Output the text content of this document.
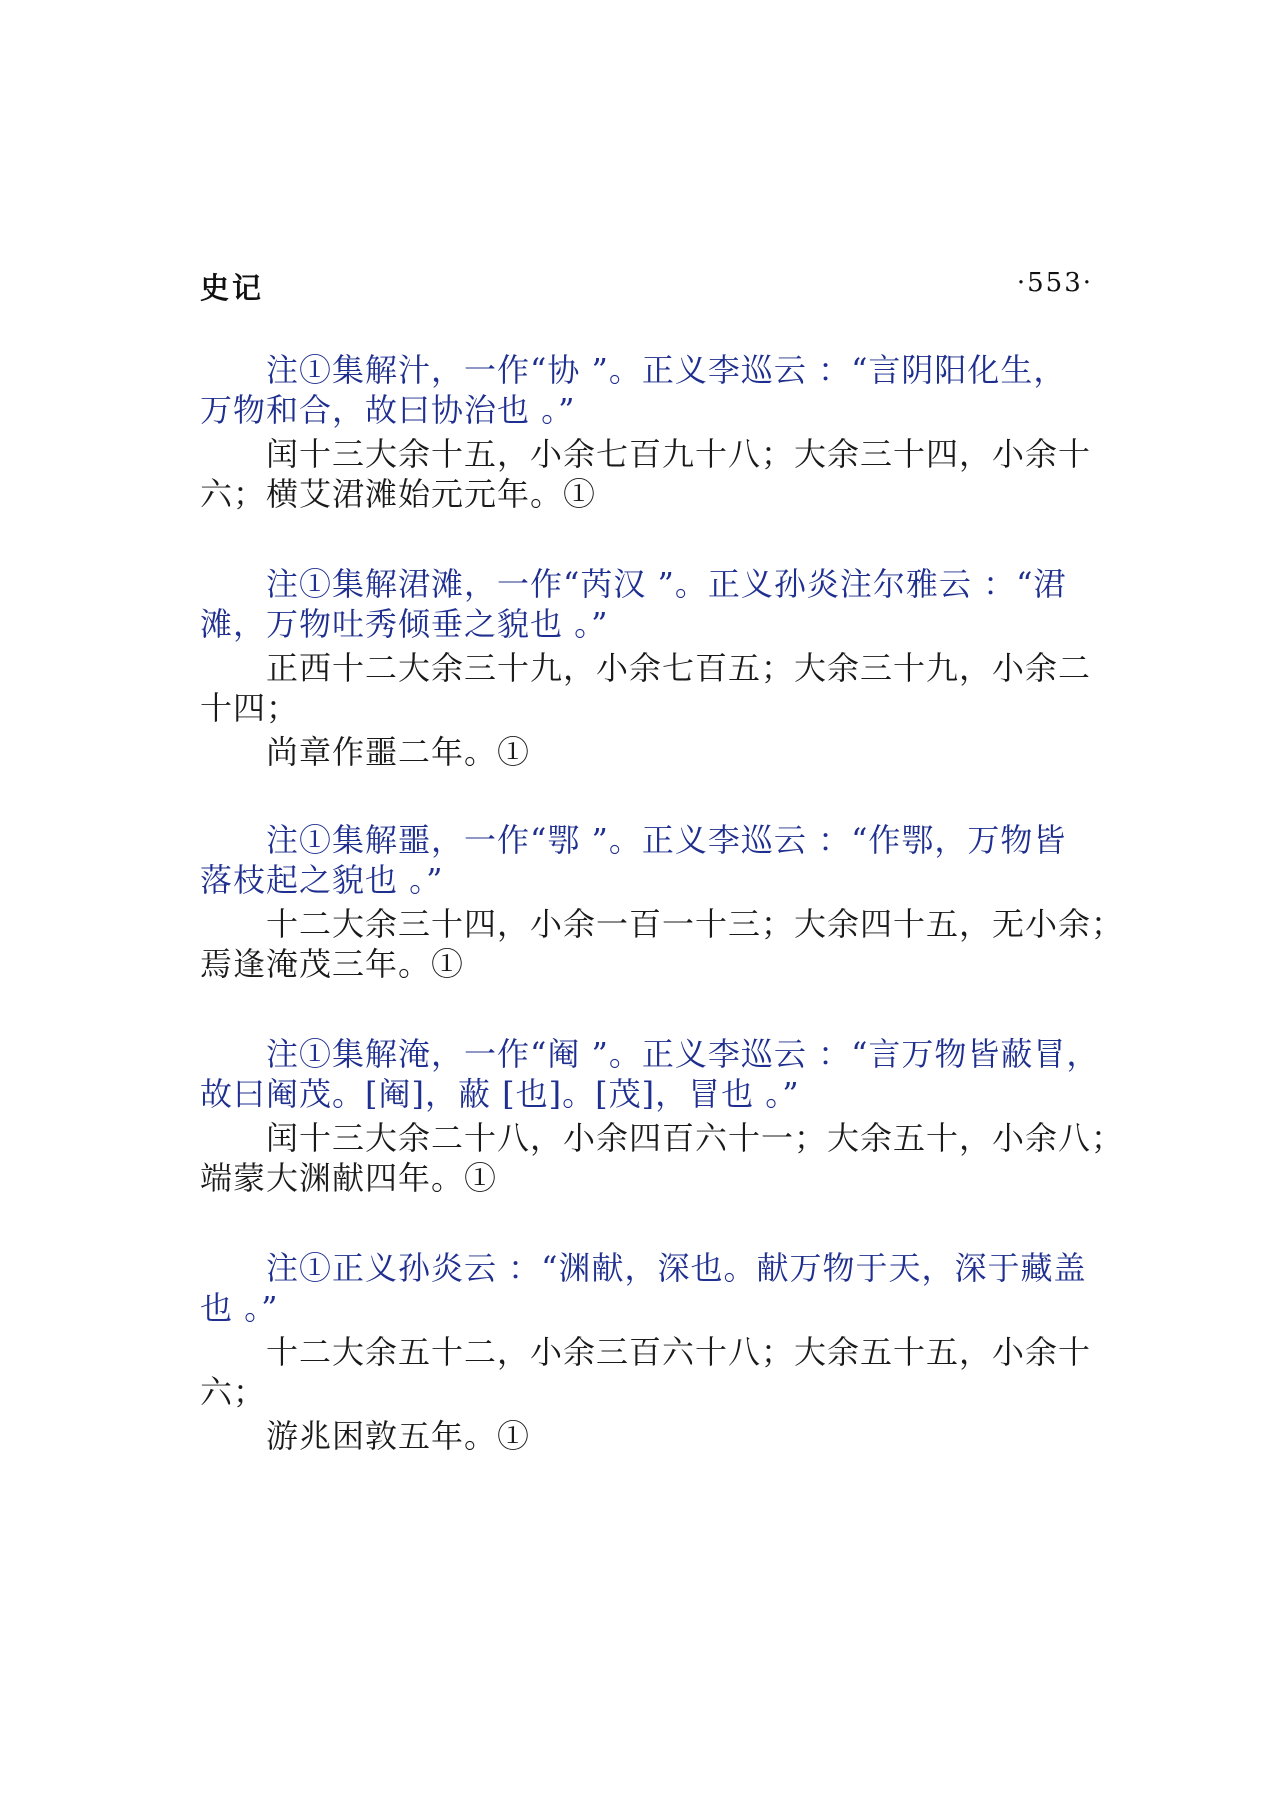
史记	·553·
注①集解汁，一作“协 ”。正义李巡云 ：“言阴阳化生，
万物和合，故曰协治也 。”
闰十三大余十五，小余七百九十八；大余三十四，小余十
六；横艾涒滩始元元年。①
注①集解涒滩，一作“芮汉 ”。正义孙炎注尔雅云 ：“涒
滩，万物吐秀倾垂之貌也 。”
正西十二大余三十九，小余七百五；大余三十九，小余二
十四；
尚章作噩二年。①
注①集解噩，一作“鄂 ”。正义李巡云 ：“作鄂，万物皆
落枝起之貌也 。”
十二大余三十四，小余一百一十三；大余四十五，无小余；
焉逢淹茂三年。①
注①集解淹，一作“阉 ”。正义李巡云 ：“言万物皆蔽冒，
故曰阉茂。[阉]，蔽 [也]。[茂]，冒也 。”
闰十三大余二十八，小余四百六十一；大余五十，小余八；
端蒙大渊献四年。①
注①正义孙炎云 ：“渊献，深也。献万物于天，深于藏盖
也 。”
十二大余五十二，小余三百六十八；大余五十五，小余十
六；
游兆困敦五年。①
